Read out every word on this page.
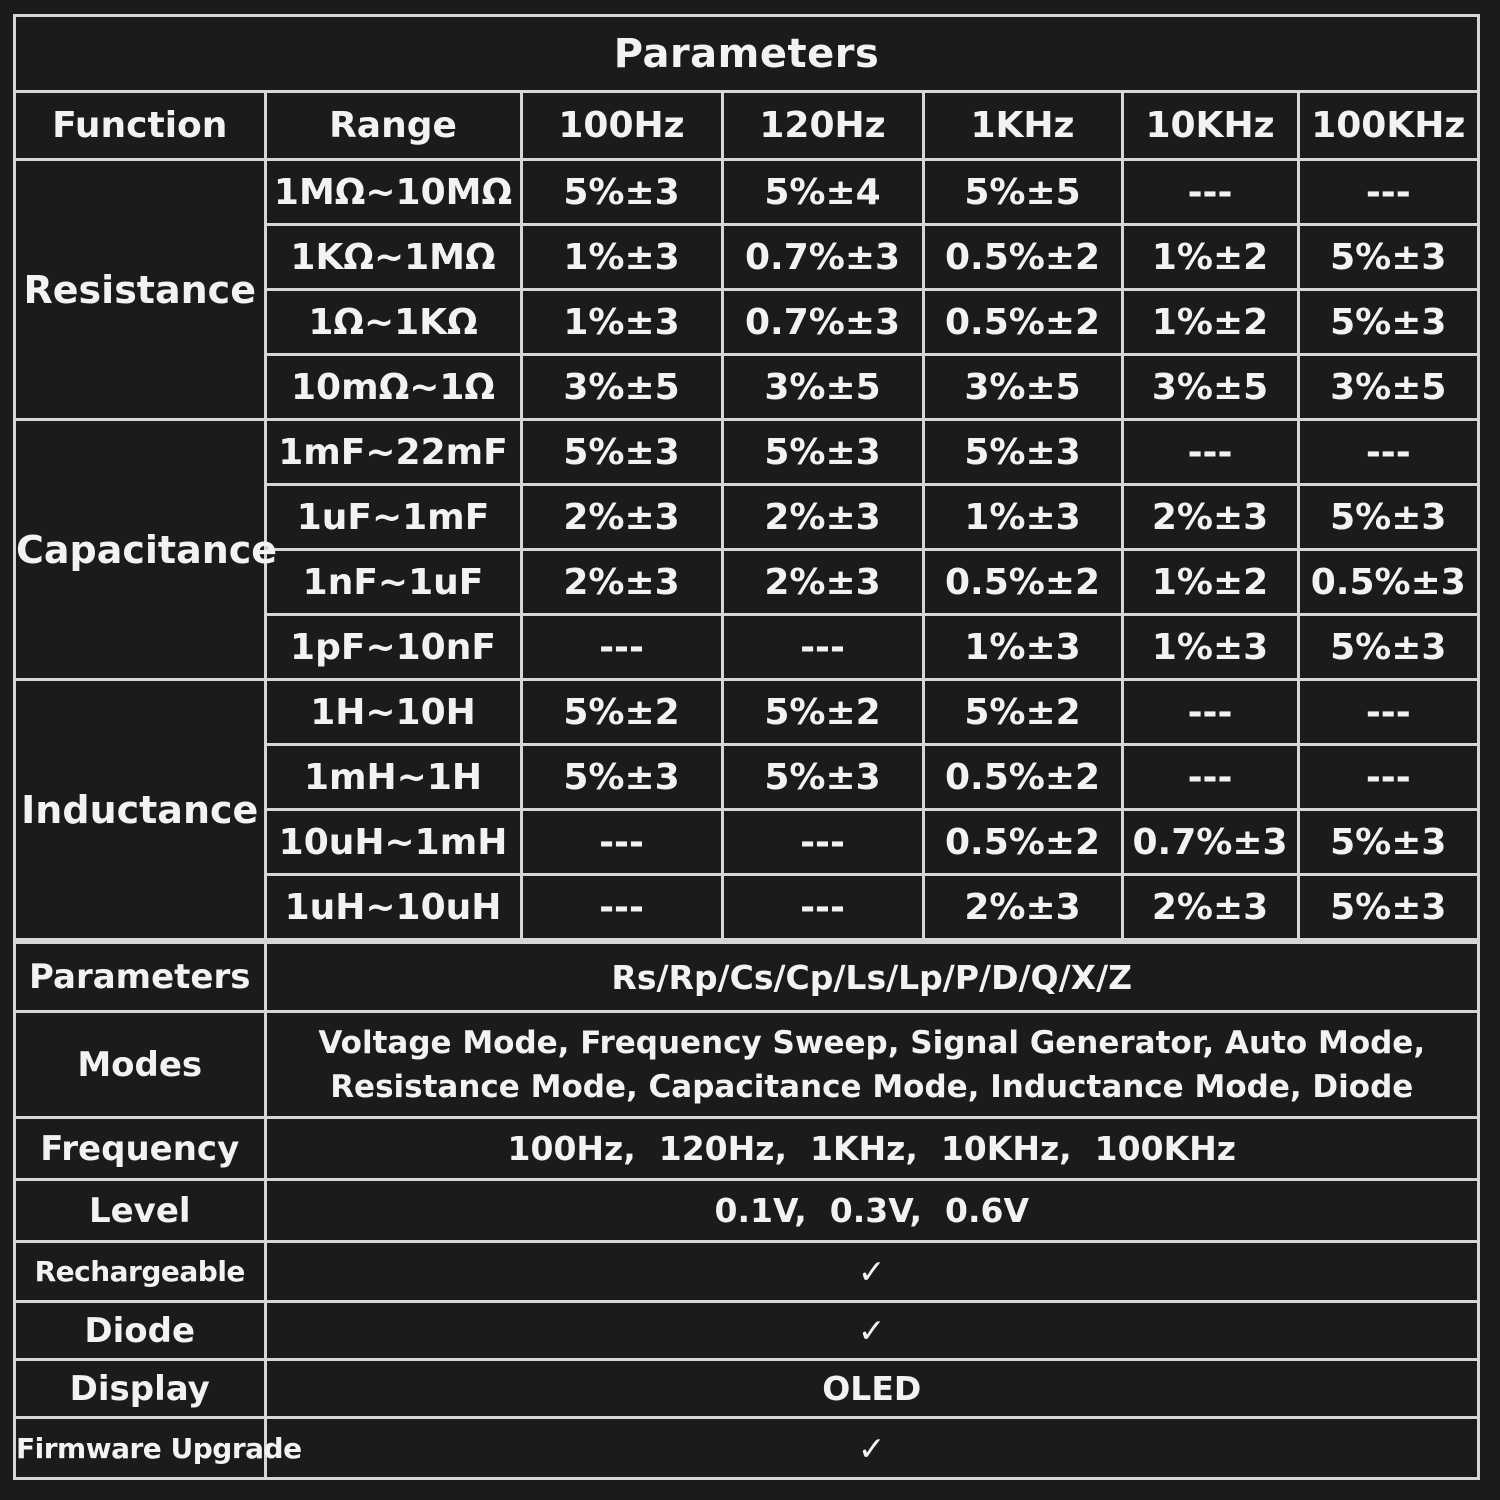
Parameters
Function	Range	100Hz	120Hz	1KHz	10KHz	100KHz
Resistance	1MΩ~10MΩ	5%±3	5%±4	5%±5	---	---
	1KΩ~1MΩ	1%±3	0.7%±3	0.5%±2	1%±2	5%±3
	1Ω~1KΩ	1%±3	0.7%±3	0.5%±2	1%±2	5%±3
	10mΩ~1Ω	3%±5	3%±5	3%±5	3%±5	3%±5
Capacitance	1mF~22mF	5%±3	5%±3	5%±3	---	---
	1uF~1mF	2%±3	2%±3	1%±3	2%±3	5%±3
	1nF~1uF	2%±3	2%±3	0.5%±2	1%±2	0.5%±3
	1pF~10nF	---	---	1%±3	1%±3	5%±3
Inductance	1H~10H	5%±2	5%±2	5%±2	---	---
	1mH~1H	5%±3	5%±3	0.5%±2	---	---
	10uH~1mH	---	---	0.5%±2	0.7%±3	5%±3
	1uH~10uH	---	---	2%±3	2%±3	5%±3
Parameters	Rs/Rp/Cs/Cp/Ls/Lp/P/D/Q/X/Z
Modes	Voltage Mode, Frequency Sweep, Signal Generator, Auto Mode,
Resistance Mode, Capacitance Mode, Inductance Mode, Diode

Frequency	100Hz,  120Hz,  1KHz,  10KHz,  100KHz
Level	0.1V,  0.3V,  0.6V
Rechargeable	✓
Diode	✓
Display	OLED
Firmware Upgrade	✓
